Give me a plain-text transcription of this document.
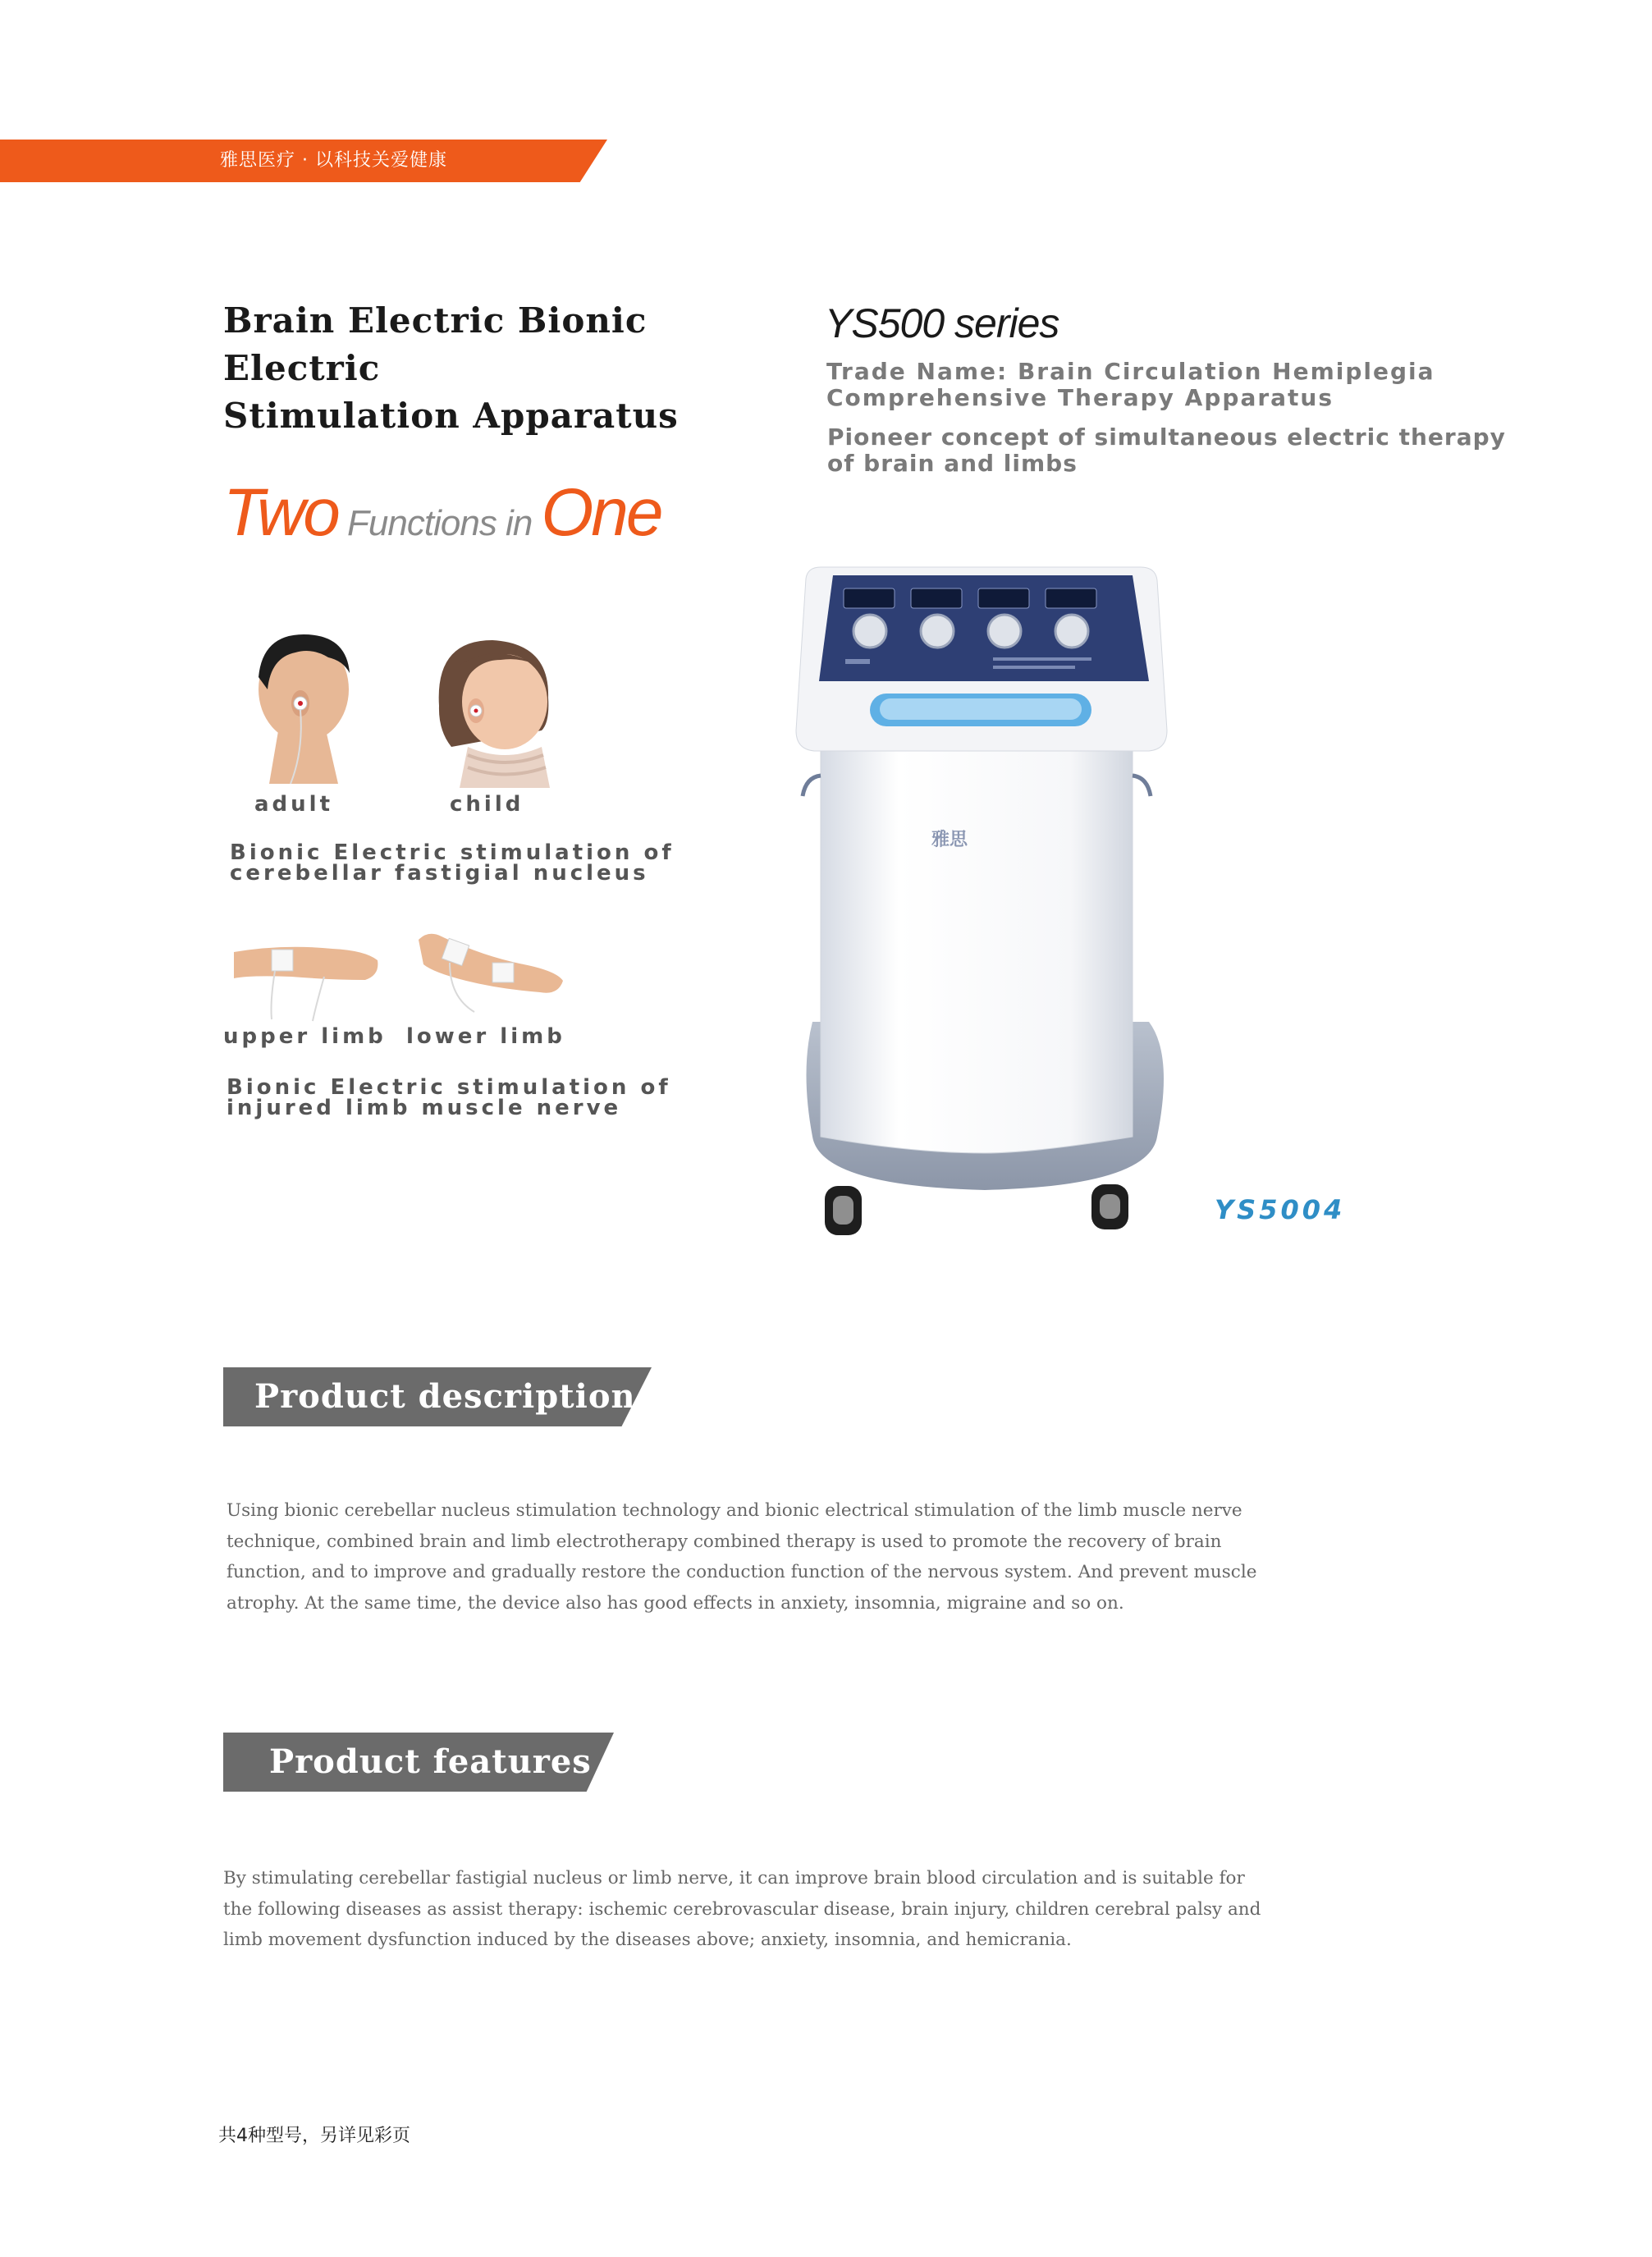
雅思医疗 · 以科技关爱健康
Brain Electric Bionic Electric
Stimulation Apparatus
YS500 series
Trade Name: Brain Circulation Hemiplegia
Comprehensive Therapy Apparatus
Pioneer concept of simultaneous electric therapy
of brain and limbs
Two Functions in One
adult	child
Bionic Electric stimulation of
cerebellar fastigial nucleus
upper limb lower limb
Bionic Electric stimulation of
injured limb muscle nerve
雅思
YS5004
Product description
Using bionic cerebellar nucleus stimulation technology and bionic electrical stimulation of the limb muscle nerve
technique, combined brain and limb electrotherapy combined therapy is used to promote the recovery of brain
function, and to improve and gradually restore the conduction function of the nervous system. And prevent muscle
atrophy. At the same time, the device also has good effects in anxiety, insomnia, migraine and so on.
Product features
By stimulating cerebellar fastigial nucleus or limb nerve, it can improve brain blood circulation and is suitable for
the following diseases as assist therapy: ischemic cerebrovascular disease, brain injury, children cerebral palsy and
limb movement dysfunction induced by the diseases above; anxiety, insomnia, and hemicrania.
共4种型号，另详见彩页
